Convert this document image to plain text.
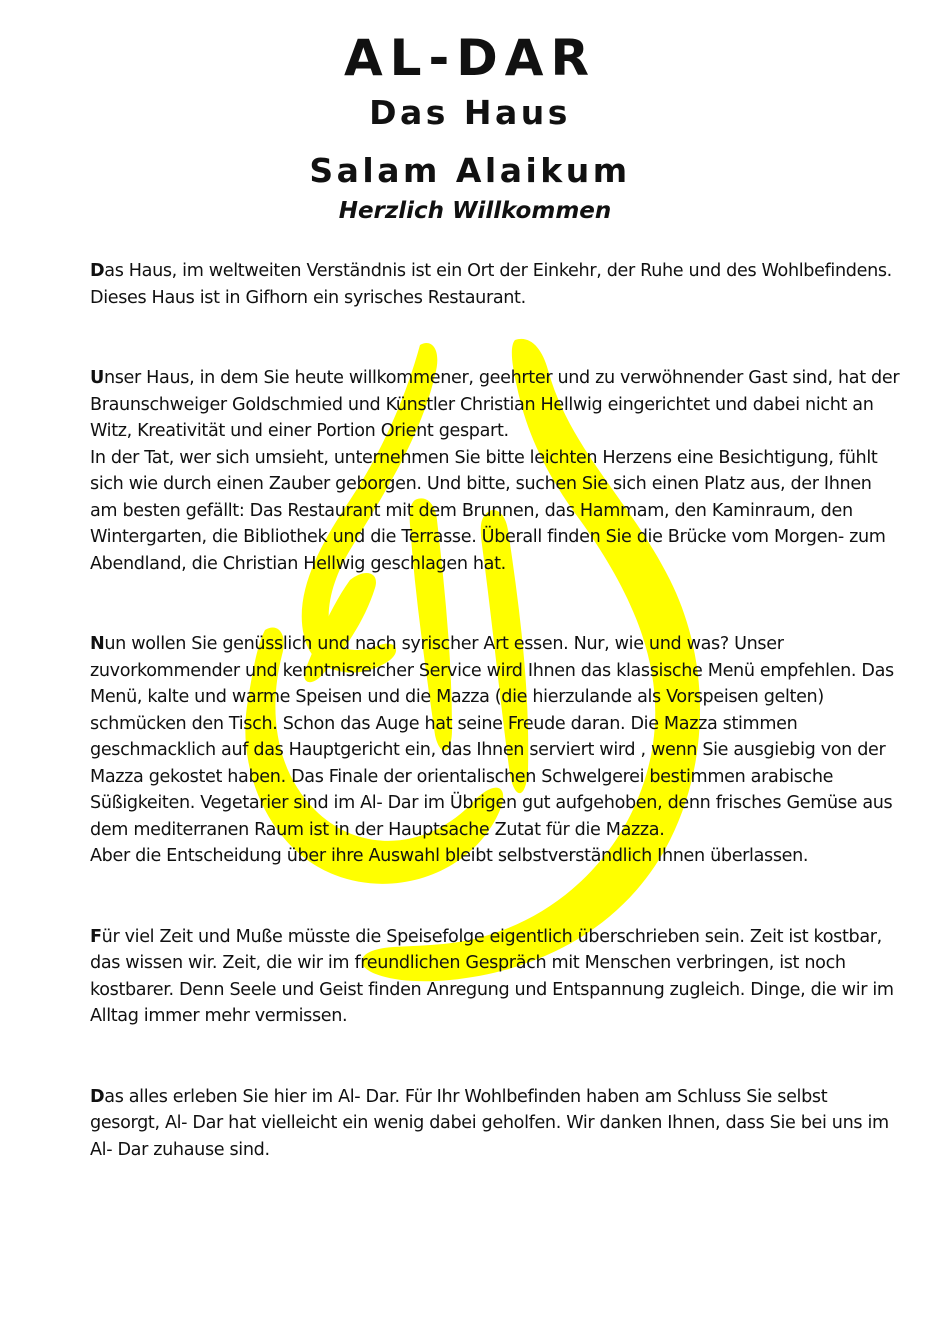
AL-DAR
Das Haus
Salam Alaikum
Herzlich Willkommen

Das Haus, im weltweiten Verständnis ist ein Ort der Einkehr, der Ruhe und des Wohlbefindens. Dieses Haus ist in Gifhorn ein syrisches Restaurant.

Unser Haus, in dem Sie heute willkommener, geehrter und zu verwöhnender Gast sind, hat der Braunschweiger Goldschmied und Künstler Christian Hellwig eingerichtet und dabei nicht an Witz, Kreativität und einer Portion Orient gespart.
In der Tat, wer sich umsieht, unternehmen Sie bitte leichten Herzens eine Besichtigung, fühlt sich wie durch einen Zauber geborgen. Und bitte, suchen Sie sich einen Platz aus, der Ihnen am besten gefällt: Das Restaurant mit dem Brunnen, das Hammam, den Kaminraum, den Wintergarten, die Bibliothek und die Terrasse. Überall finden Sie die Brücke vom Morgen- zum Abendland, die Christian Hellwig geschlagen hat.

Nun wollen Sie genüsslich und nach syrischer Art essen. Nur, wie und was? Unser zuvorkommender und kenntnisreicher Service wird Ihnen das klassische Menü empfehlen. Das Menü, kalte und warme Speisen und die Mazza (die hierzulande als Vorspeisen gelten) schmücken den Tisch. Schon das Auge hat seine Freude daran. Die Mazza stimmen geschmacklich auf das Hauptgericht ein, das Ihnen serviert wird , wenn Sie ausgiebig von der Mazza gekostet haben. Das Finale der orientalischen Schwelgerei bestimmen arabische Süßigkeiten. Vegetarier sind im Al- Dar im Übrigen gut aufgehoben, denn frisches Gemüse aus dem mediterranen Raum ist in der Hauptsache Zutat für die Mazza.
Aber die Entscheidung über ihre Auswahl bleibt selbstverständlich Ihnen überlassen.

Für viel Zeit und Muße müsste die Speisefolge eigentlich überschrieben sein. Zeit ist kostbar, das wissen wir. Zeit, die wir im freundlichen Gespräch mit Menschen verbringen, ist noch kostbarer. Denn Seele und Geist finden Anregung und Entspannung zugleich. Dinge, die wir im Alltag immer mehr vermissen.

Das alles erleben Sie hier im Al- Dar. Für Ihr Wohlbefinden haben am Schluss Sie selbst gesorgt, Al- Dar hat vielleicht ein wenig dabei geholfen. Wir danken Ihnen, dass Sie bei uns im Al- Dar zuhause sind.
